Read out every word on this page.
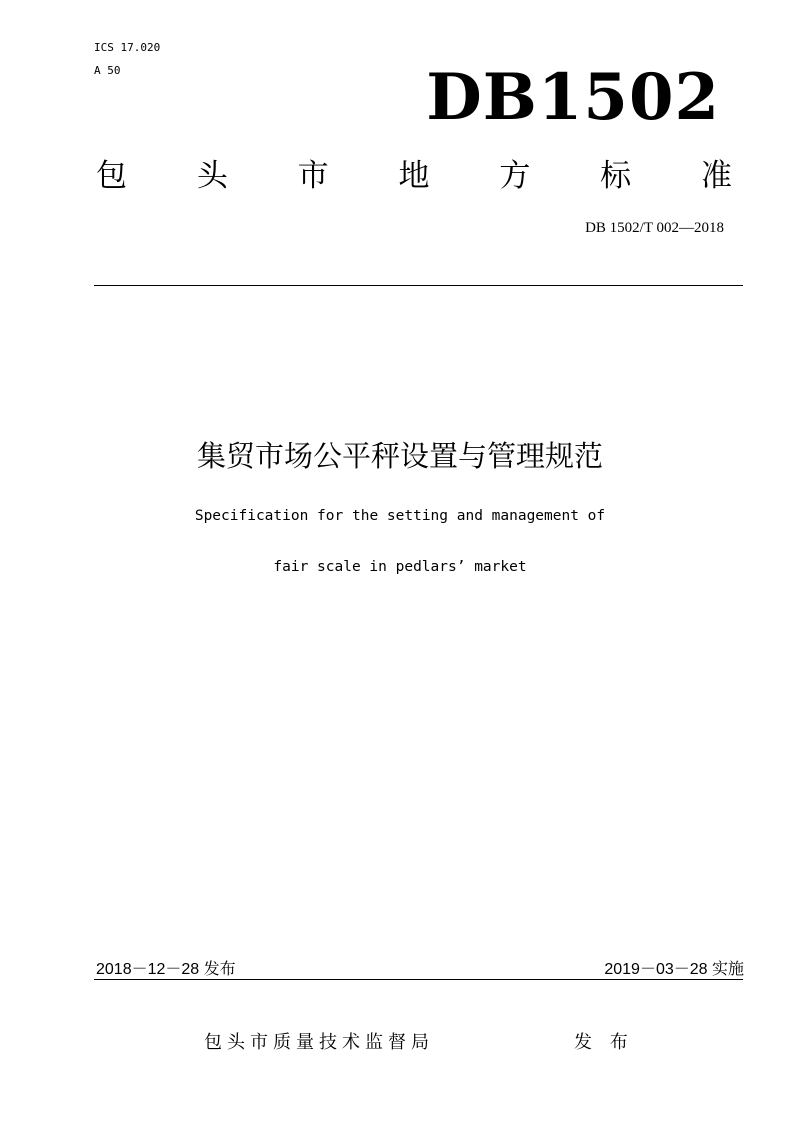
ICS 17.020
A 50	DB1502
包 头 市 地 方 标 准
DB 1502/T 002—2018
集贸市场公平秤设置与管理规范
Specification for the setting and management of
fair scale in pedlars’ market
2018－12－28 发布	2019－03－28 实施
包头市质量技术监督局	发 布
